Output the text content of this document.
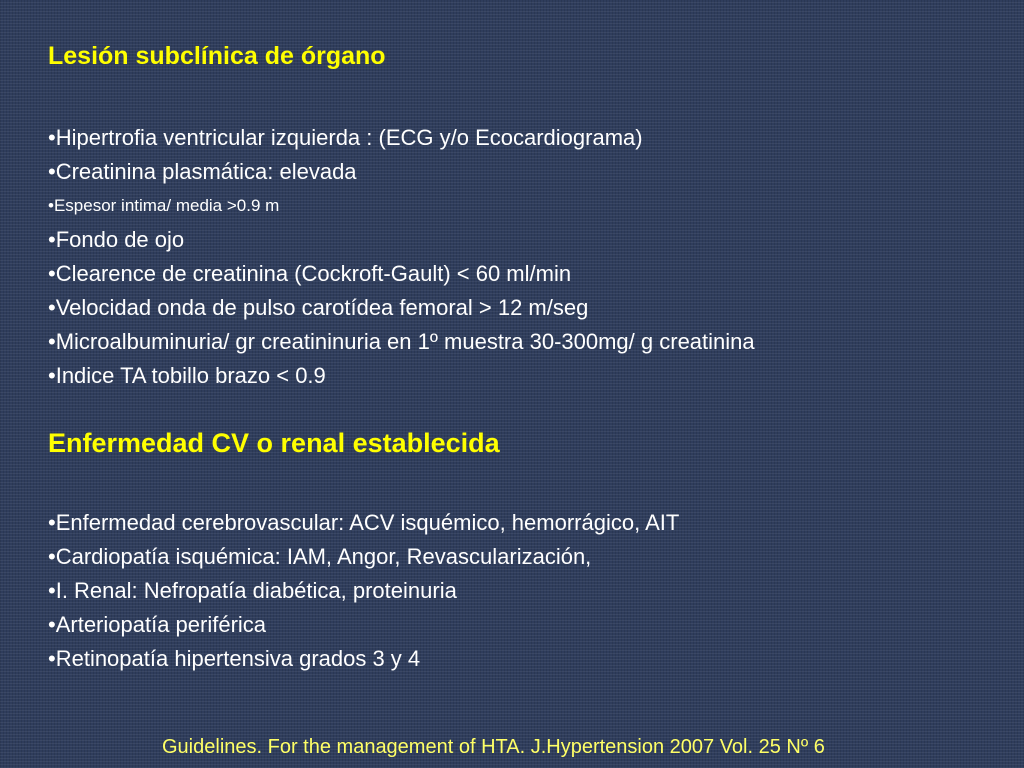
Lesión subclínica de órgano
•Hipertrofia ventricular izquierda : (ECG y/o Ecocardiograma)
•Creatinina plasmática: elevada
•Espesor intima/ media >0.9 m
•Fondo de ojo
•Clearence de creatinina (Cockroft-Gault) < 60 ml/min
•Velocidad onda de pulso carotídea femoral > 12 m/seg
•Microalbuminuria/ gr creatininuria en 1º muestra 30-300mg/ g creatinina
•Indice TA tobillo brazo < 0.9
Enfermedad CV o renal establecida
•Enfermedad cerebrovascular: ACV isquémico, hemorrágico, AIT
•Cardiopatía isquémica: IAM, Angor, Revascularización,
•I. Renal: Nefropatía diabética, proteinuria
•Arteriopatía periférica
•Retinopatía hipertensiva grados 3 y 4
Guidelines. For the management of HTA. J.Hypertension 2007 Vol. 25 Nº 6
